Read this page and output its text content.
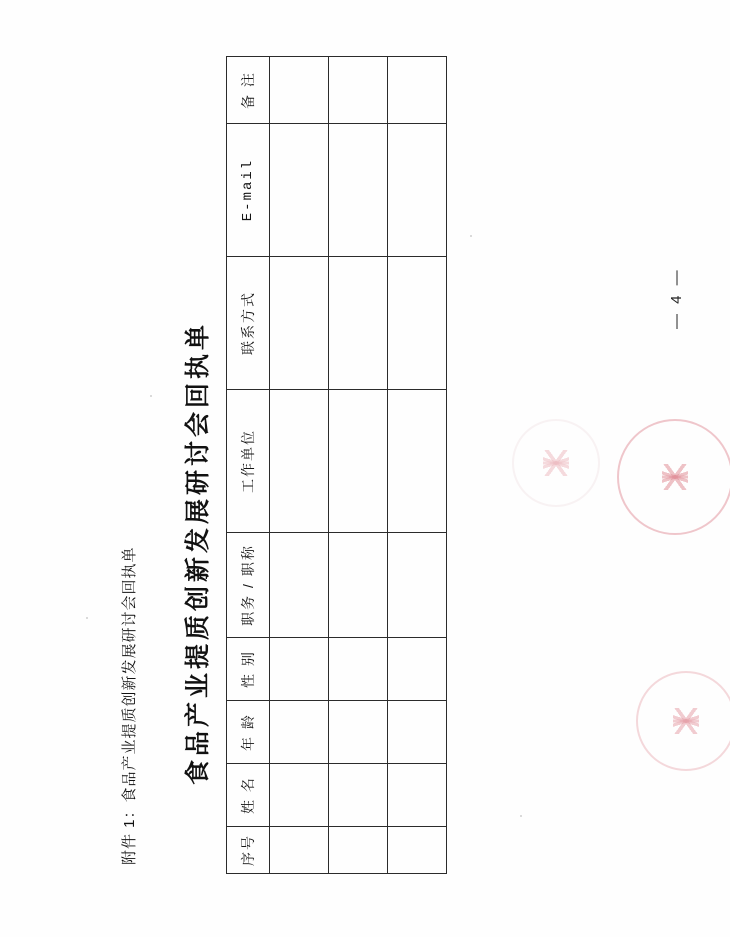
附件 1：食品产业提质创新发展研讨会回执单 食品产业提质创新发展研讨会回执单
序号	姓 名	年 龄	性 别	职务 / 职称	工作单位	联系方式	E-mail	备 注

— 4 —
